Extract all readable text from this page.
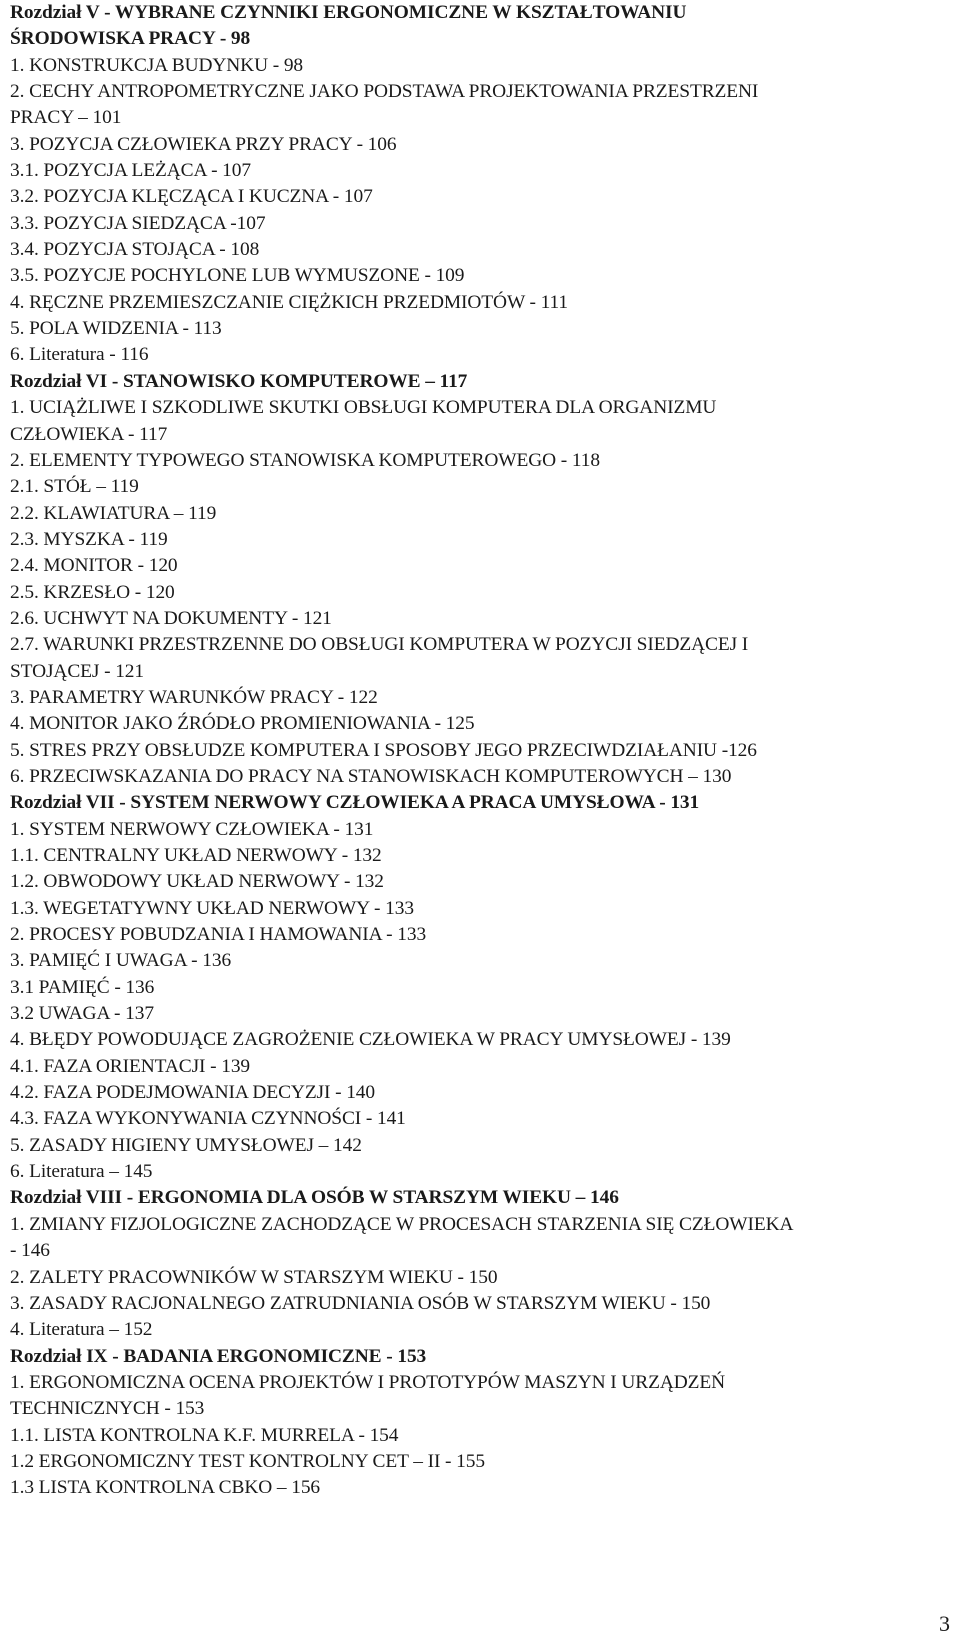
Rozdział V - WYBRANE CZYNNIKI ERGONOMICZNE W KSZTAŁTOWANIU
ŚRODOWISKA PRACY - 98
1. KONSTRUKCJA BUDYNKU - 98
2. CECHY ANTROPOMETRYCZNE JAKO PODSTAWA PROJEKTOWANIA PRZESTRZENI
PRACY – 101
3. POZYCJA CZŁOWIEKA PRZY PRACY - 106
3.1. POZYCJA LEŻĄCA - 107
3.2. POZYCJA KLĘCZĄCA I KUCZNA - 107
3.3. POZYCJA SIEDZĄCA -107
3.4. POZYCJA STOJĄCA - 108
3.5. POZYCJE POCHYLONE LUB WYMUSZONE - 109
4. RĘCZNE PRZEMIESZCZANIE CIĘŻKICH PRZEDMIOTÓW - 111
5. POLA WIDZENIA - 113
6. Literatura - 116
Rozdział VI - STANOWISKO KOMPUTEROWE – 117
1. UCIĄŻLIWE I SZKODLIWE SKUTKI OBSŁUGI KOMPUTERA DLA ORGANIZMU
CZŁOWIEKA - 117
2. ELEMENTY TYPOWEGO STANOWISKA KOMPUTEROWEGO - 118
2.1. STÓŁ – 119
2.2. KLAWIATURA – 119
2.3. MYSZKA - 119
2.4. MONITOR - 120
2.5. KRZESŁO - 120
2.6. UCHWYT NA DOKUMENTY - 121
2.7. WARUNKI PRZESTRZENNE DO OBSŁUGI KOMPUTERA W POZYCJI SIEDZĄCEJ I
STOJĄCEJ - 121
3. PARAMETRY WARUNKÓW PRACY - 122
4. MONITOR JAKO ŹRÓDŁO PROMIENIOWANIA - 125
5. STRES PRZY OBSŁUDZE KOMPUTERA I SPOSOBY JEGO PRZECIWDZIAŁANIU -126
6. PRZECIWSKAZANIA DO PRACY NA STANOWISKACH KOMPUTEROWYCH – 130
Rozdział VII - SYSTEM NERWOWY CZŁOWIEKA A PRACA UMYSŁOWA - 131
1. SYSTEM NERWOWY CZŁOWIEKA - 131
1.1. CENTRALNY UKŁAD NERWOWY - 132
1.2. OBWODOWY UKŁAD NERWOWY - 132
1.3. WEGETATYWNY UKŁAD NERWOWY - 133
2. PROCESY POBUDZANIA I HAMOWANIA - 133
3. PAMIĘĆ I UWAGA - 136
3.1 PAMIĘĆ - 136
3.2 UWAGA - 137
4. BŁĘDY POWODUJĄCE ZAGROŻENIE CZŁOWIEKA W PRACY UMYSŁOWEJ - 139
4.1. FAZA ORIENTACJI - 139
4.2. FAZA PODEJMOWANIA DECYZJI - 140
4.3. FAZA WYKONYWANIA CZYNNOŚCI - 141
5. ZASADY HIGIENY UMYSŁOWEJ – 142
6. Literatura – 145
Rozdział VIII - ERGONOMIA DLA OSÓB W STARSZYM WIEKU – 146
1. ZMIANY FIZJOLOGICZNE ZACHODZĄCE W PROCESACH STARZENIA SIĘ CZŁOWIEKA
- 146
2. ZALETY PRACOWNIKÓW W STARSZYM WIEKU - 150
3. ZASADY RACJONALNEGO ZATRUDNIANIA OSÓB W STARSZYM WIEKU - 150
4. Literatura – 152
Rozdział IX - BADANIA ERGONOMICZNE - 153
1. ERGONOMICZNA OCENA PROJEKTÓW I PROTOTYPÓW MASZYN I URZĄDZEŃ
TECHNICZNYCH - 153
1.1. LISTA KONTROLNA K.F. MURRELA - 154
1.2 ERGONOMICZNY TEST KONTROLNY CET – II - 155
1.3 LISTA KONTROLNA CBKO – 156
3
